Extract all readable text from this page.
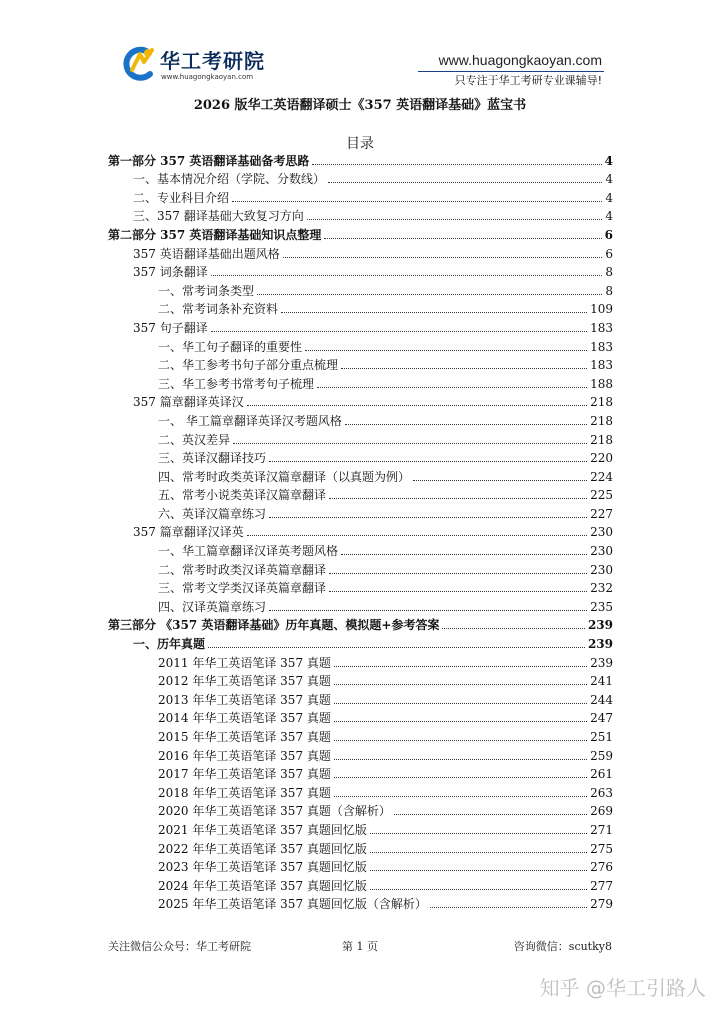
华工考研院
www.huagongkaoyan.com
www.huagongkaoyan.com
只专注于华工考研专业课辅导!
2026 版华工英语翻译硕士《357 英语翻译基础》蓝宝书
目录
第一部分 357 英语翻译基础备考思路	4
一、基本情况介绍（学院、分数线）	4
二、专业科目介绍	4
三、357 翻译基础大致复习方向	4
第二部分 357 英语翻译基础知识点整理	6
357 英语翻译基础出题风格	6
357 词条翻译	8
一、常考词条类型	8
二、常考词条补充资料	109
357 句子翻译	183
一、华工句子翻译的重要性	183
二、华工参考书句子部分重点梳理	183
三、华工参考书常考句子梳理	188
357 篇章翻译英译汉	218
一、 华工篇章翻译英译汉考题风格	218
二、英汉差异	218
三、英译汉翻译技巧	220
四、常考时政类英译汉篇章翻译（以真题为例）	224
五、常考小说类英译汉篇章翻译	225
六、英译汉篇章练习	227
357 篇章翻译汉译英	230
一、华工篇章翻译汉译英考题风格	230
二、常考时政类汉译英篇章翻译	230
三、常考文学类汉译英篇章翻译	232
四、汉译英篇章练习	235
第三部分 《357 英语翻译基础》历年真题、模拟题+参考答案	239
一、历年真题	239
2011 年华工英语笔译 357 真题	239
2012 年华工英语笔译 357 真题	241
2013 年华工英语笔译 357 真题	244
2014 年华工英语笔译 357 真题	247
2015 年华工英语笔译 357 真题	251
2016 年华工英语笔译 357 真题	259
2017 年华工英语笔译 357 真题	261
2018 年华工英语笔译 357 真题	263
2020 年华工英语笔译 357 真题（含解析）	269
2021 年华工英语笔译 357 真题回忆版	271
2022 年华工英语笔译 357 真题回忆版	275
2023 年华工英语笔译 357 真题回忆版	276
2024 年华工英语笔译 357 真题回忆版	277
2025 年华工英语笔译 357 真题回忆版（含解析）	279
关注微信公众号：华工考研院	第 1 页	咨询微信：scutky8
知乎 @华工引路人
